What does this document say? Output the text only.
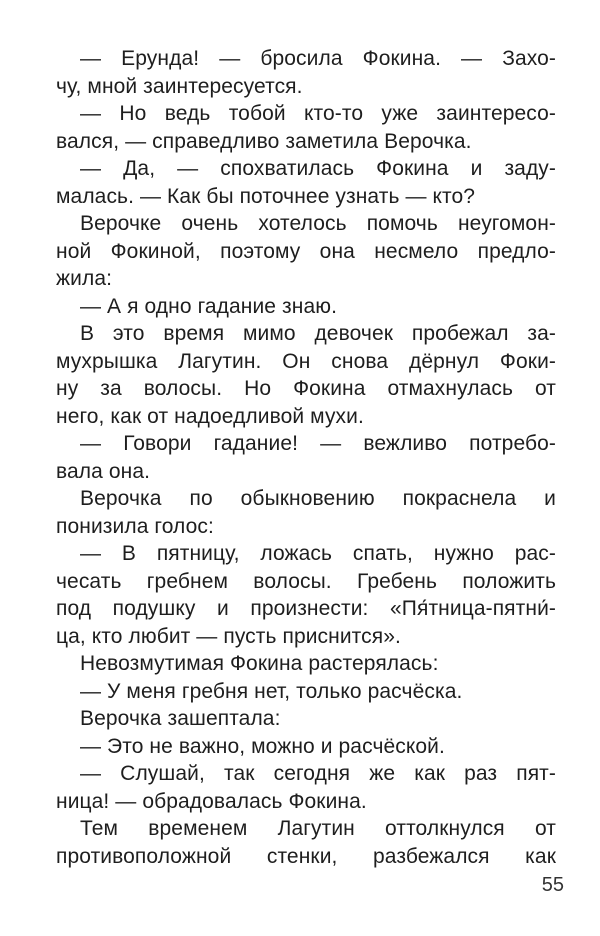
— Ерунда! — бросила Фокина. — Захо-
чу, мной заинтересуется.
— Но ведь тобой кто-то уже заинтересо-
вался, — справедливо заметила Верочка.
— Да, — спохватилась Фокина и заду-
малась. — Как бы поточнее узнать — кто?
Верочке очень хотелось помочь неугомон-
ной Фокиной, поэтому она несмело предло-
жила:
— А я одно гадание знаю.
В это время мимо девочек пробежал за-
мухрышка Лагутин. Он снова дёрнул Фоки-
ну за волосы. Но Фокина отмахнулась от
него, как от надоедливой мухи.
— Говори гадание! — вежливо потребо-
вала она.
Верочка по обыкновению покраснела и
понизила голос:
— В пятницу, ложась спать, нужно рас-
чесать гребнем волосы. Гребень положить
под подушку и произнести: «Пя́тница-пятни́-
ца, кто любит — пусть приснится».
Невозмутимая Фокина растерялась:
— У меня гребня нет, только расчёска.
Верочка зашептала:
— Это не важно, можно и расчёской.
— Слушай, так сегодня же как раз пят-
ница! — обрадовалась Фокина.
Тем временем Лагутин оттолкнулся от
противоположной стенки, разбежался как
55
